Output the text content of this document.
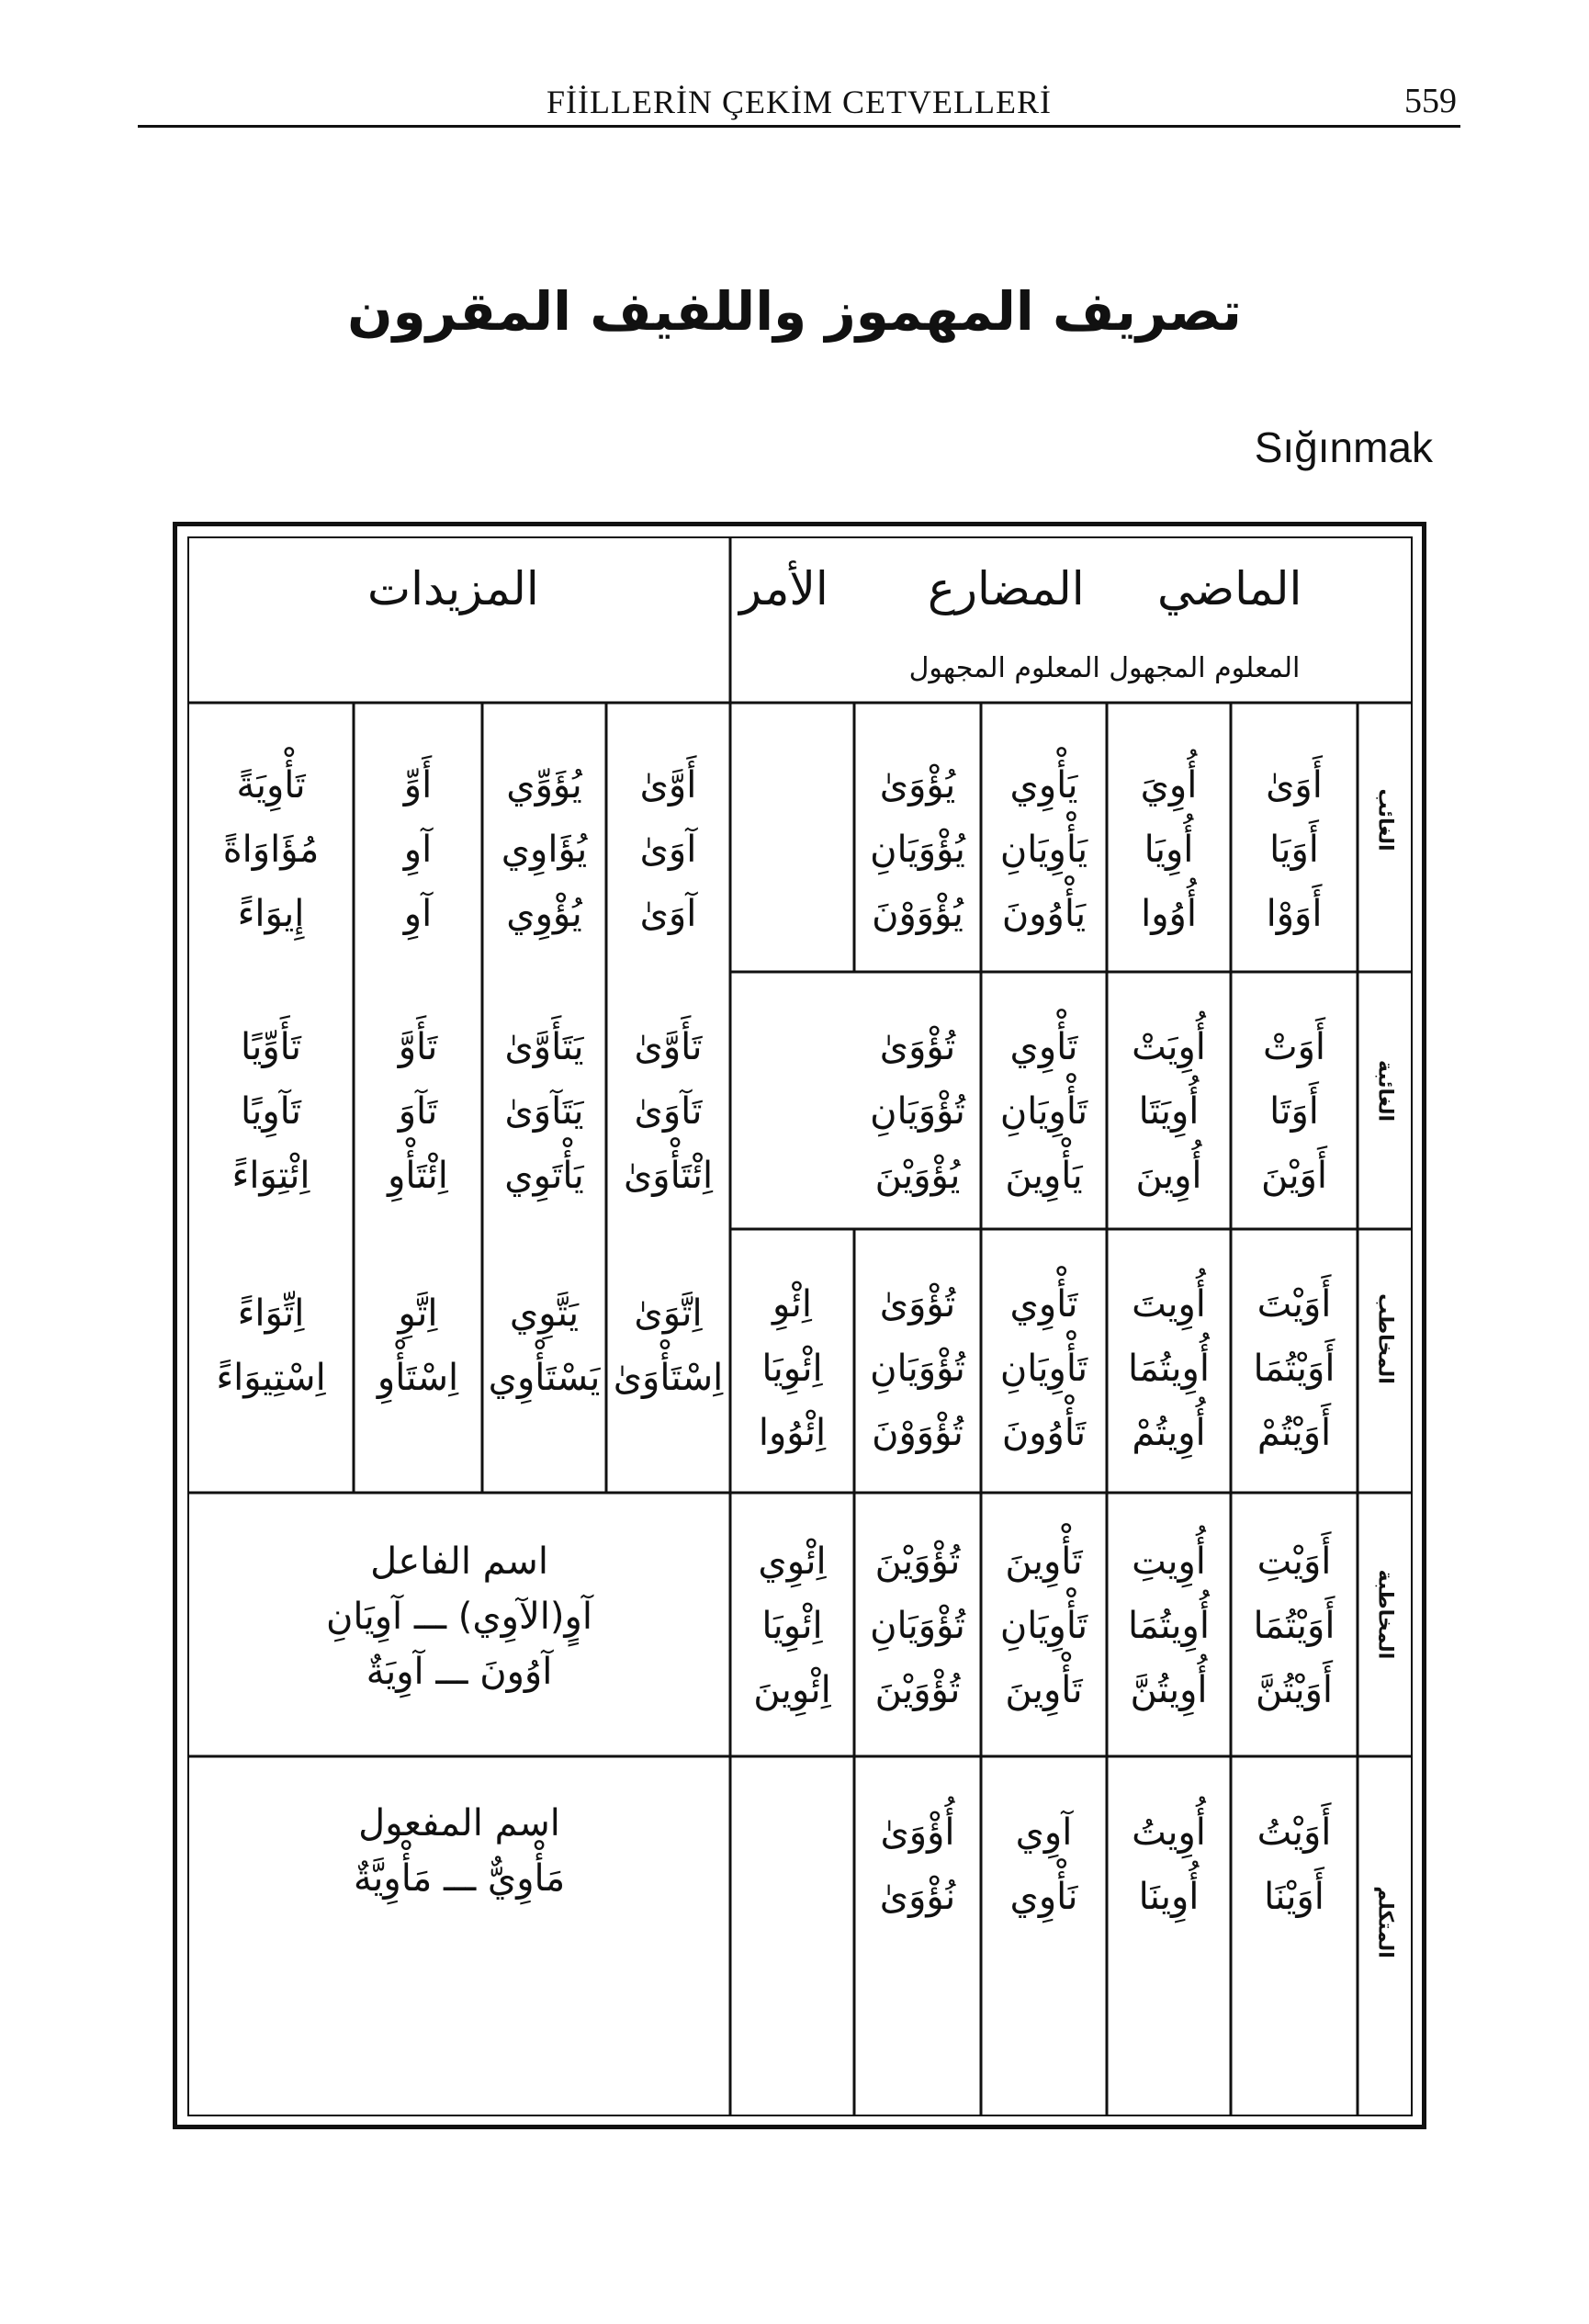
FİİLLERİN ÇEKİM CETVELLERİ	559
تصريف المهموز واللفيف المقرون
Sığınmak
المزيدات	الماضي
المضارع
الأمر
المعلوم المجهول المعلوم المجهول
الغائب
أَوَىٰ
أَوَيَا
أَوَوْا
أُوِيَ
أُوِيَا
أُوُوا
يَأْوِي
يَأْوِيَانِ
يَأْوُونَ
يُؤْوَىٰ
يُؤْوَيَانِ
يُؤْوَوْنَ
أَوَّىٰ
آوَىٰ
آوَىٰ
يُؤَوِّي
يُؤَاوِي
يُؤْوِي
أَوِّ
آوِ
آوِ
تَأْوِيَةً
مُؤَاوَاةً
إِيوَاءً
الغائبة
أَوَتْ
أَوَتَا
أَوَيْنَ
أُوِيَتْ
أُوِيَتَا
أُوِينَ
تَأْوِي
تَأْوِيَانِ
يَأْوِينَ
تُؤْوَىٰ
تُؤْوَيَانِ
يُؤْوَيْنَ
تَأَوَّىٰ
تَآوَىٰ
اِئْتَأْوَىٰ
يَتَأَوَّىٰ
يَتَآوَىٰ
يَأْتَوِي
تَأَوَّ
تَآوَ
اِئْتَأْوِ
تَأَوِّيًا
تَآوِيًا
اِئْتِوَاءً
المخاطب
أَوَيْتَ
أَوَيْتُمَا
أَوَيْتُمْ
أُوِيتَ
أُوِيتُمَا
أُوِيتُمْ
تَأْوِي
تَأْوِيَانِ
تَأْوُونَ
تُؤْوَىٰ
تُؤْوَيَانِ
تُؤْوَوْنَ
اِئْوِ
اِئْوِيَا
اِئْوُوا
اِتَّوَىٰ
اِسْتَأْوَىٰ
يَتَّوِي
يَسْتَأْوِي
اِتَّوِ
اِسْتَأْوِ
اِتِّوَاءً
اِسْتِيوَاءً
المخاطبة
أَوَيْتِ
أَوَيْتُمَا
أَوَيْتُنَّ
أُوِيتِ
أُوِيتُمَا
أُوِيتُنَّ
تَأْوِينَ
تَأْوِيَانِ
تَأْوِينَ
تُؤْوَيْنَ
تُؤْوَيَانِ
تُؤْوَيْنَ
اِئْوِي
اِئْوِيَا
اِئْوِينَ
اسم الفاعل
آوٍ(الآوِي) ـــ آوِيَانِ
آوُونَ ـــ آوِيَةٌ
المتكلم
أَوَيْتُ
أَوَيْنَا
أُوِيتُ
أُوِينَا
آوِي
نَأْوِي
أُؤْوَىٰ
نُؤْوَىٰ
اسم المفعول
مَأْوِيٌّ ـــ مَأْوِيَّةٌ
